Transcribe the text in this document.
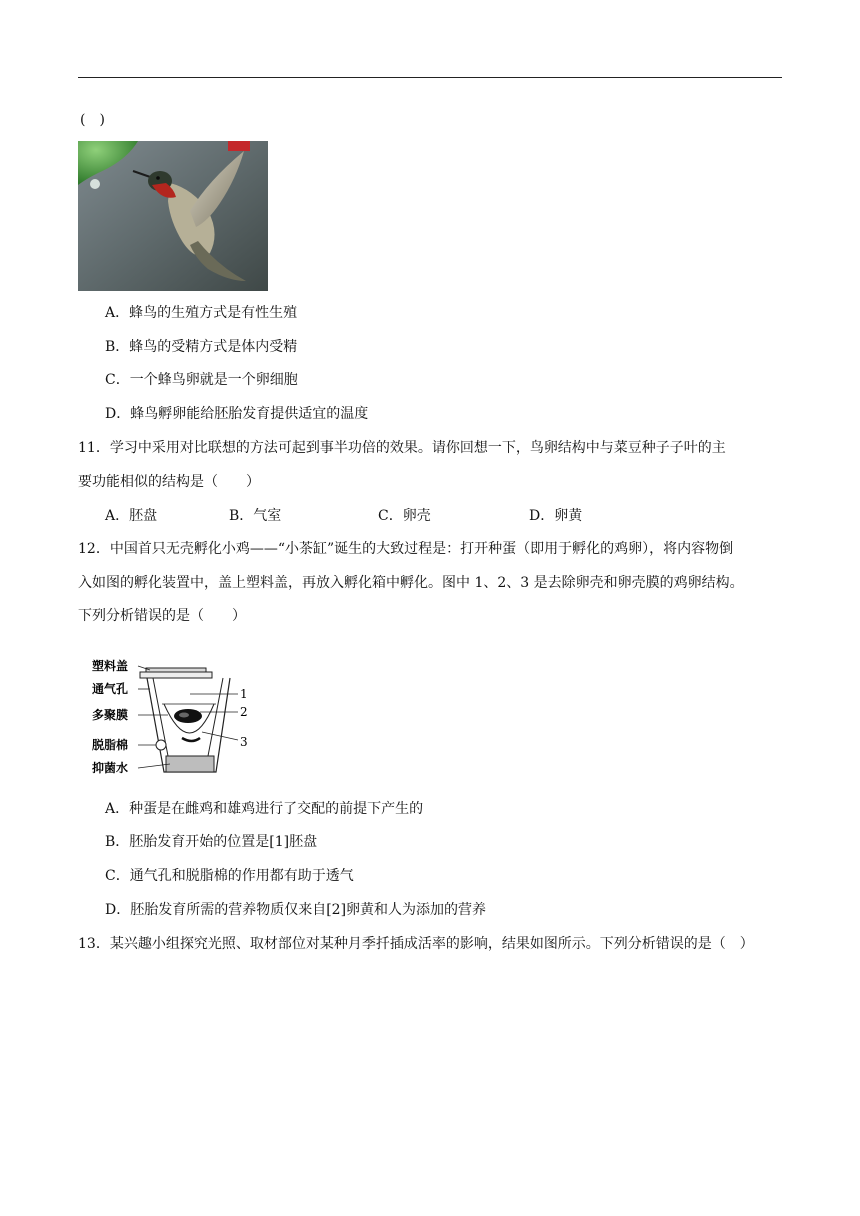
(　)
A．蜂鸟的生殖方式是有性生殖
B．蜂鸟的受精方式是体内受精
C．一个蜂鸟卵就是一个卵细胞
D．蜂鸟孵卵能给胚胎发育提供适宜的温度
11．学习中采用对比联想的方法可起到事半功倍的效果。请你回想一下，鸟卵结构中与菜豆种子子叶的主
要功能相似的结构是（　　）
A．胚盘	B．气室	C．卵壳	D．卵黄
12．中国首只无壳孵化小鸡——“小茶缸”诞生的大致过程是：打开种蛋（即用于孵化的鸡卵），将内容物倒
入如图的孵化装置中，盖上塑料盖，再放入孵化箱中孵化。图中 1、2、3 是去除卵壳和卵壳膜的鸡卵结构。
下列分析错误的是（　　）
塑料盖
通气孔
多聚膜
脱脂棉
抑菌水
1
2
3
A．种蛋是在雌鸡和雄鸡进行了交配的前提下产生的
B．胚胎发育开始的位置是[1]胚盘
C．通气孔和脱脂棉的作用都有助于透气
D．胚胎发育所需的营养物质仅来自[2]卵黄和人为添加的营养
13．某兴趣小组探究光照、取材部位对某种月季扦插成活率的影响，结果如图所示。下列分析错误的是（　）
